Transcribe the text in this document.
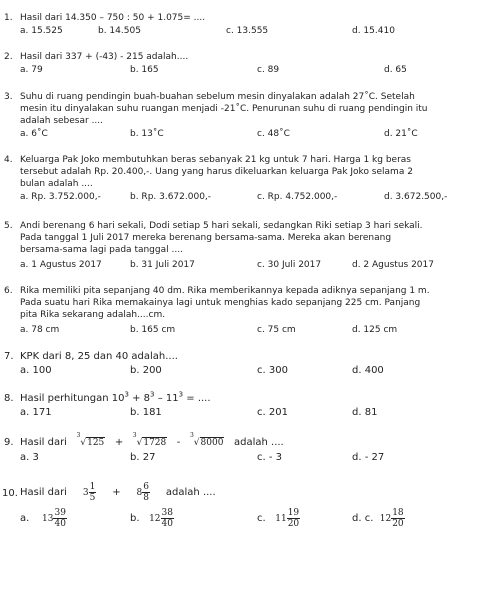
1. Hasil dari 14.350 – 750 : 50 + 1.075= ....
a. 15.525	b. 14.505	c. 13.555	d. 15.410
2. Hasil dari 337 + (-43) - 215 adalah....
a. 79	b. 165	c. 89	d. 65
3. Suhu di ruang pendingin buah-buahan sebelum mesin dinyalakan adalah 27˚C. Setelah
mesin itu dinyalakan suhu ruangan menjadi -21˚C. Penurunan suhu di ruang pendingin itu
adalah sebesar ....
a. 6˚C	b. 13˚C	c. 48˚C	d. 21˚C
4. Keluarga Pak Joko membutuhkan beras sebanyak 21 kg untuk 7 hari. Harga 1 kg beras
tersebut adalah Rp. 20.400,-. Uang yang harus dikeluarkan keluarga Pak Joko selama 2
bulan adalah ....
a. Rp. 3.752.000,-	b. Rp. 3.672.000,-	c. Rp. 4.752.000,-	d. 3.672.500,-
5. Andi berenang 6 hari sekali, Dodi setiap 5 hari sekali, sedangkan Riki setiap 3 hari sekali.
Pada tanggal 1 Juli 2017 mereka berenang bersama-sama. Mereka akan berenang
bersama-sama lagi pada tanggal ....
a. 1 Agustus 2017	b. 31 Juli 2017	c. 30 Juli 2017	d. 2 Agustus 2017
6. Rika memiliki pita sepanjang 40 dm. Rika memberikannya kepada adiknya sepanjang 1 m.
Pada suatu hari Rika memakainya lagi untuk menghias kado sepanjang 225 cm. Panjang
pita Rika sekarang adalah....cm.
a. 78 cm	b. 165 cm	c. 75 cm	d. 125 cm
7. KPK dari 8, 25 dan 40 adalah....
a. 100	b. 200	c. 300	d. 400
8. Hasil perhitungan $10^3 + 8^3 - 11^3$ = ....
a. 171	b. 181	c. 201	d. 81
9. Hasil dari   $^3$√125 +   $^3$√1728 -   $^3$√8000 adalah ....
a. 3	b. 27	c. - 3	d. - 27
10. Hasil dari $3 \frac{1}{5} + 8 \frac{6}{8}$ adalah ....
a. $13 \frac{39}{40}$	b. $12 \frac{38}{40}$	c. $11 \frac{19}{20}$	d. c. $12 \frac{18}{20}$
